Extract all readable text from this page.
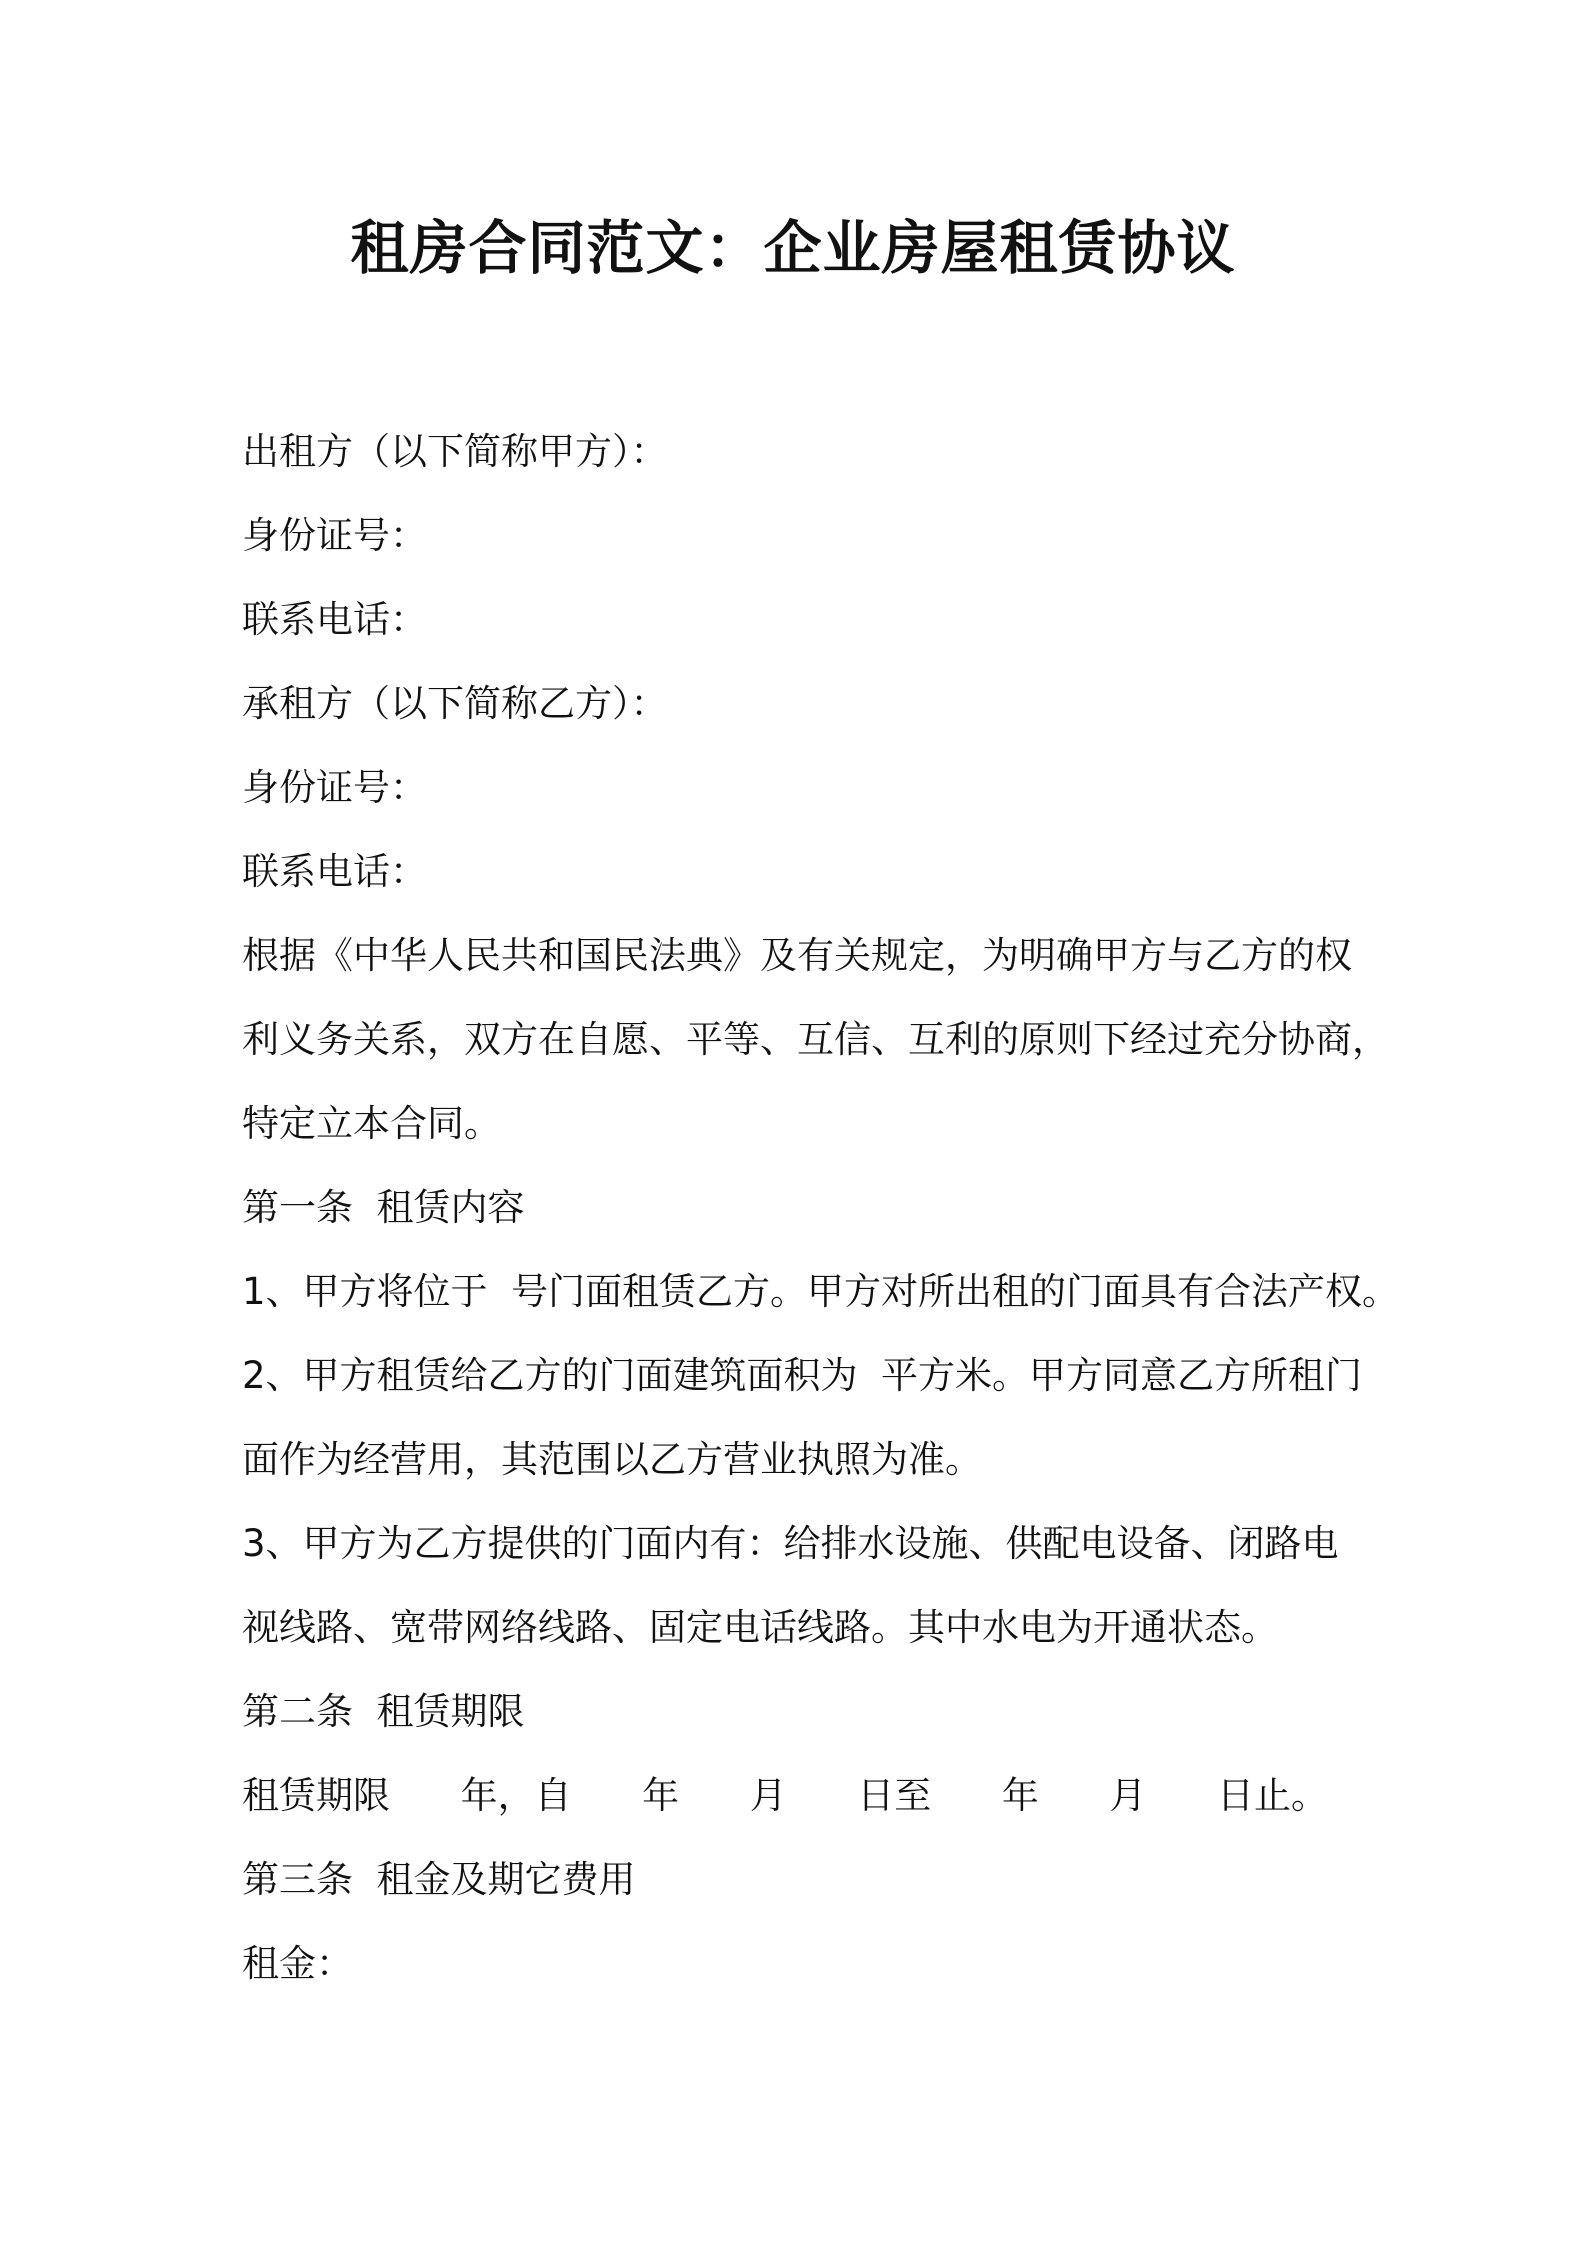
租房合同范文：企业房屋租赁协议

出租方（以下简称甲方）：

身份证号：

联系电话：

承租方（以下简称乙方）：

身份证号：

联系电话：

根据《中华人民共和国民法典》及有关规定，为明确甲方与乙方的权

利义务关系，双方在自愿、平等、互信、互利的原则下经过充分协商，

特定立本合同。

第一条  租赁内容

1、甲方将位于  号门面租赁乙方。甲方对所出租的门面具有合法产权。

2、甲方租赁给乙方的门面建筑面积为  平方米。甲方同意乙方所租门

面作为经营用，其范围以乙方营业执照为准。

3、甲方为乙方提供的门面内有：给排水设施、供配电设备、闭路电

视线路、宽带网络线路、固定电话线路。其中水电为开通状态。

第二条  租赁期限

租赁期限      年，自      年      月      日至      年      月      日止。

第三条  租金及期它费用

租金：
